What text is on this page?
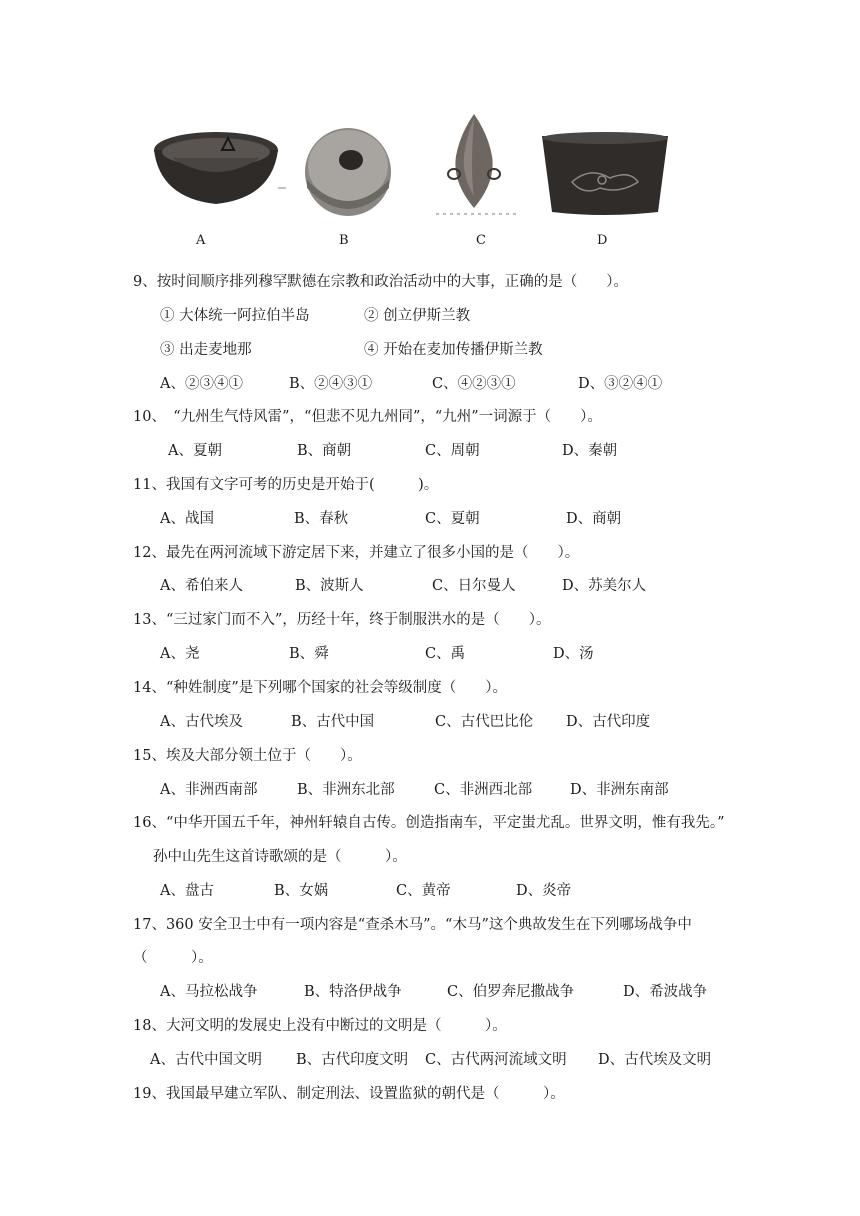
A	B	C	D
9、按时间顺序排列穆罕默德在宗教和政治活动中的大事，正确的是（　　）。
① 大体统一阿拉伯半岛	② 创立伊斯兰教
③ 出走麦地那	④ 开始在麦加传播伊斯兰教
A、②③④①	B、②④③①	C、④②③①	D、③②④①
10、　“九州生气恃风雷”，“但悲不见九州同”，“九州”一词源于（　　）。
A、夏朝	B、商朝	C、周朝	D、秦朝
11、我国有文字可考的历史是开始于(　　　)。
A、战国	B、春秋	C、夏朝	D、商朝
12、最先在两河流域下游定居下来，并建立了很多小国的是（　　）。
A、希伯来人	B、波斯人	C、日尔曼人	D、苏美尔人
13、“三过家门而不入”，历经十年，终于制服洪水的是（　　）。
A、尧	B、舜	C、禹	D、汤
14、“种姓制度”是下列哪个国家的社会等级制度（　　）。
A、古代埃及	B、古代中国	C、古代巴比伦 D、古代印度
15、埃及大部分领土位于（　　）。
A、非洲西南部	B、非洲东北部	C、非洲西北部	D、非洲东南部
16、“中华开国五千年，神州轩辕自古传。创造指南车，平定蚩尤乱。世界文明，惟有我先。”
孙中山先生这首诗歌颂的是（　　　）。
A、盘古	B、女娲	C、黄帝	D、炎帝
17、360 安全卫士中有一项内容是“查杀木马”。“木马”这个典故发生在下列哪场战争中
（　　　）。
A、马拉松战争	B、特洛伊战争	C、伯罗奔尼撒战争	D、希波战争
18、大河文明的发展史上没有中断过的文明是（　　　）。
A、古代中国文明 B、古代印度文明 C、古代两河流域文明 D、古代埃及文明
19、我国最早建立军队、制定刑法、设置监狱的朝代是（　　　）。
